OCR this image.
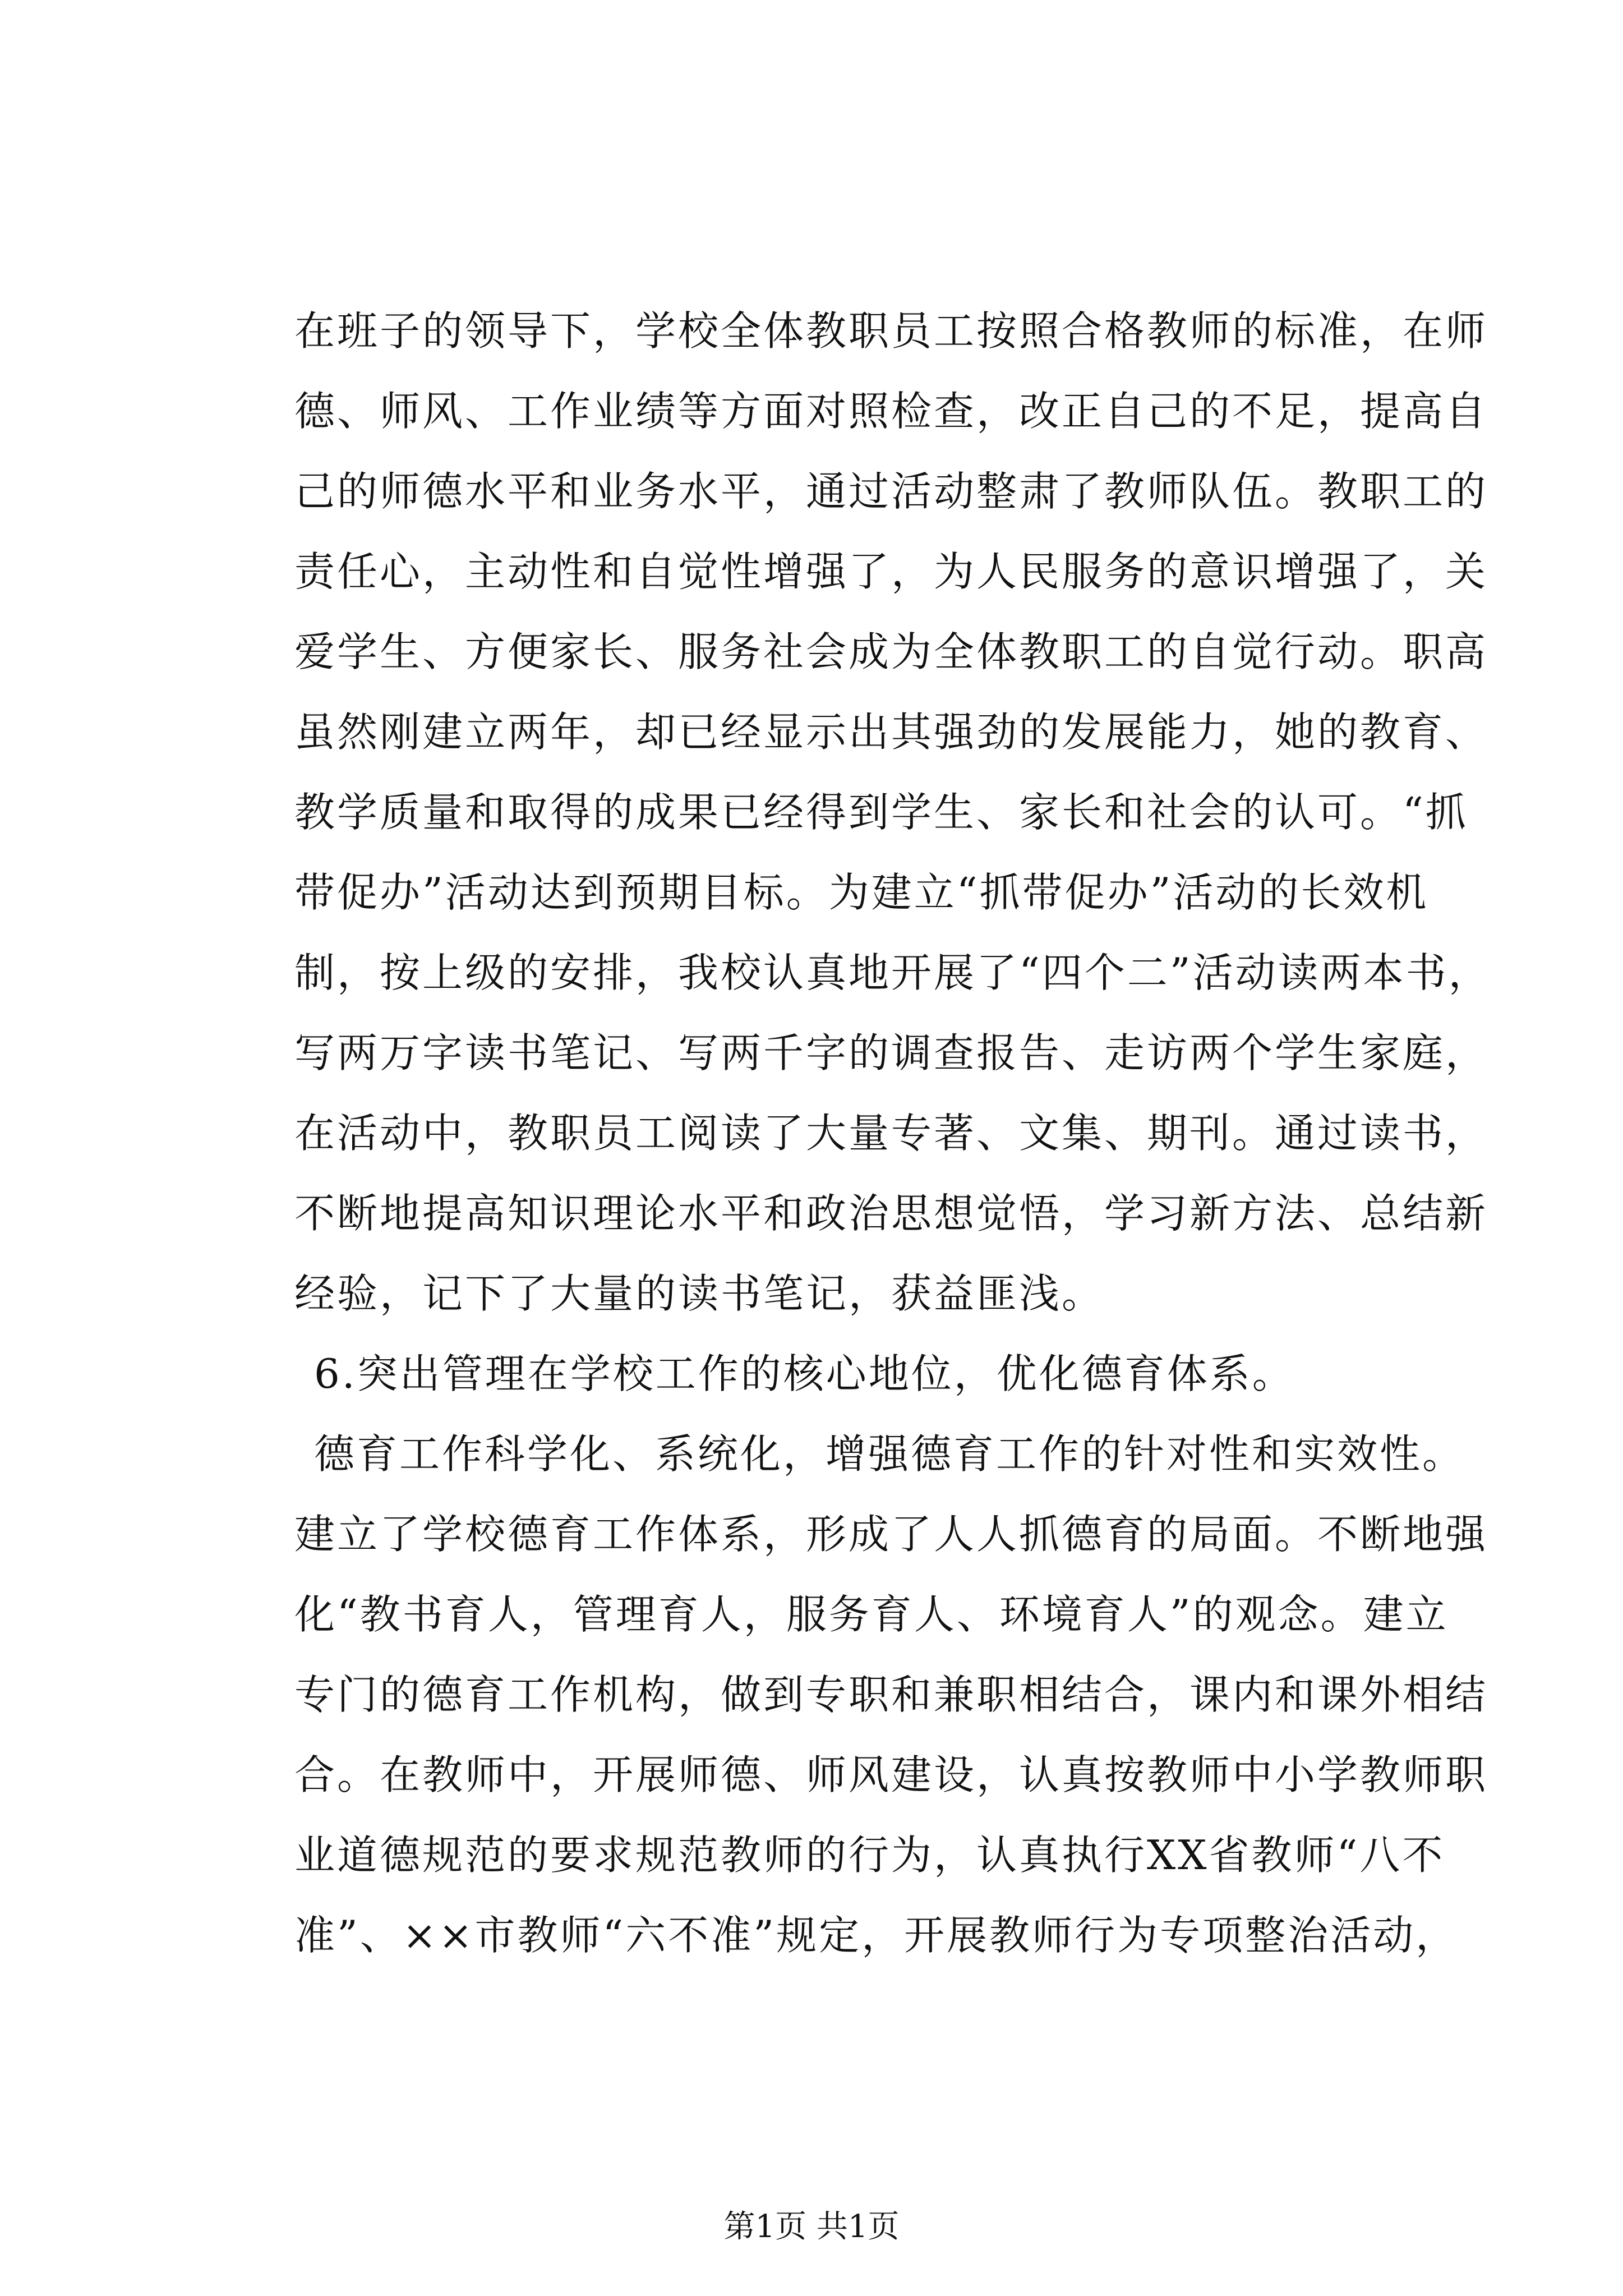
在班子的领导下，学校全体教职员工按照合格教师的标准，在师
德、师风、工作业绩等方面对照检查，改正自己的不足，提高自
己的师德水平和业务水平，通过活动整肃了教师队伍。教职工的
责任心，主动性和自觉性增强了，为人民服务的意识增强了，关
爱学生、方便家长、服务社会成为全体教职工的自觉行动。职高
虽然刚建立两年，却已经显示出其强劲的发展能力，她的教育、
教学质量和取得的成果已经得到学生、家长和社会的认可。“抓
带促办”活动达到预期目标。为建立“抓带促办”活动的长效机
制，按上级的安排，我校认真地开展了“四个二”活动读两本书，
写两万字读书笔记、写两千字的调查报告、走访两个学生家庭，
在活动中，教职员工阅读了大量专著、文集、期刊。通过读书，
不断地提高知识理论水平和政治思想觉悟，学习新方法、总结新
经验，记下了大量的读书笔记，获益匪浅。
6.突出管理在学校工作的核心地位，优化德育体系。
德育工作科学化、系统化，增强德育工作的针对性和实效性。
建立了学校德育工作体系，形成了人人抓德育的局面。不断地强
化“教书育人，管理育人，服务育人、环境育人”的观念。建立
专门的德育工作机构，做到专职和兼职相结合，课内和课外相结
合。在教师中，开展师德、师风建设，认真按教师中小学教师职
业道德规范的要求规范教师的行为，认真执行XX省教师“八不
准”、××市教师“六不准”规定，开展教师行为专项整治活动，
第1页 共1页
